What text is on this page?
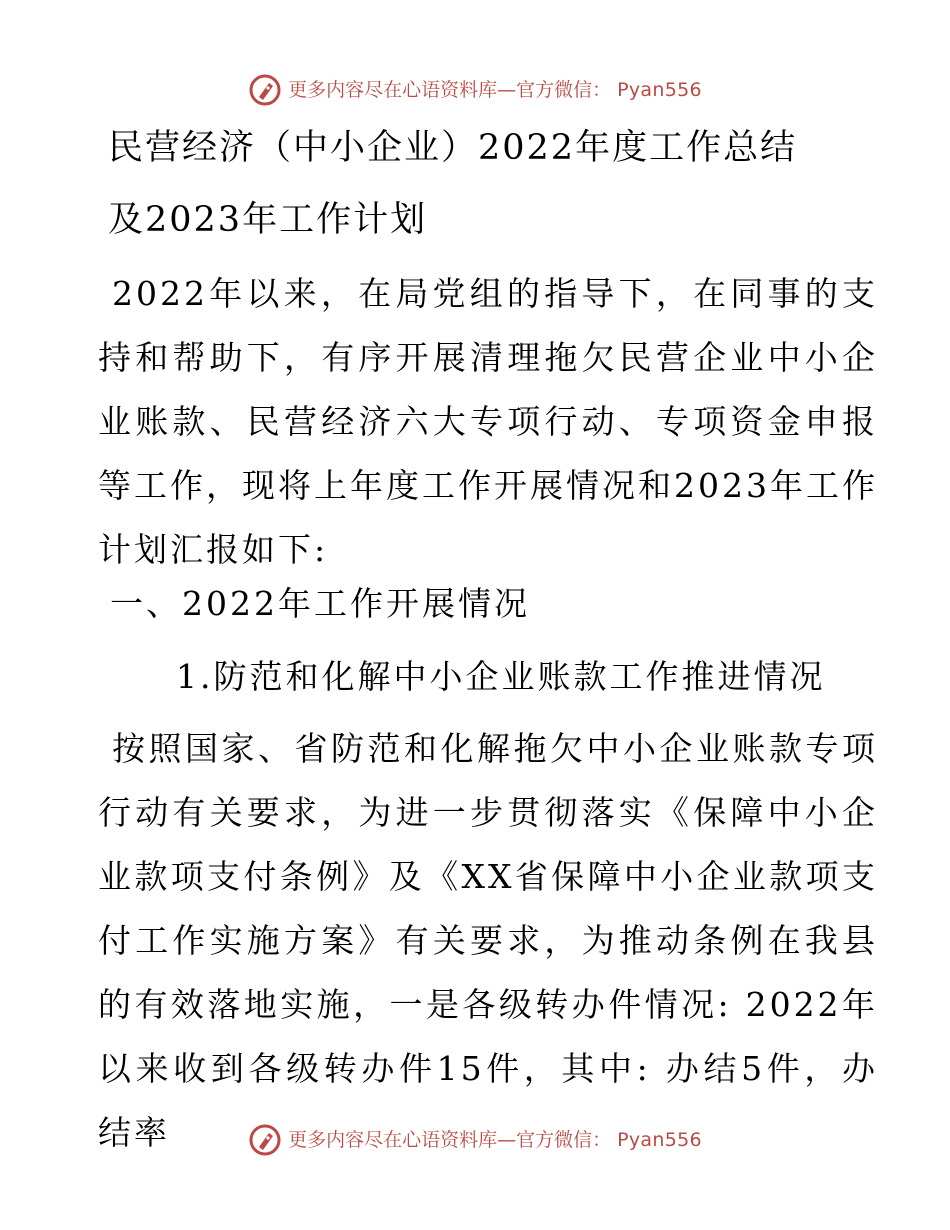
更多内容尽在心语资料库—官方微信： Pyan556
民营经济（中小企业）2022年度工作总结
及2023年工作计划

2022年以来，在局党组的指导下，在同事的支持和帮助下，有序开展清理拖欠民营企业中小企业账款、民营经济六大专项行动、专项资金申报等工作，现将上年度工作开展情况和2023年工作计划汇报如下:

一、2022年工作开展情况

1.防范和化解中小企业账款工作推进情况

按照国家、省防范和化解拖欠中小企业账款专项行动有关要求，为进一步贯彻落实《保障中小企业款项支付条例》及《XX省保障中小企业款项支付工作实施方案》有关要求，为推动条例在我县的有效落地实施，一是各级转办件情况: 2022年以来收到各级转办件15件，其中: 办结5件，办结率	更多内容尽在心语资料库—官方微信： Pyan556
